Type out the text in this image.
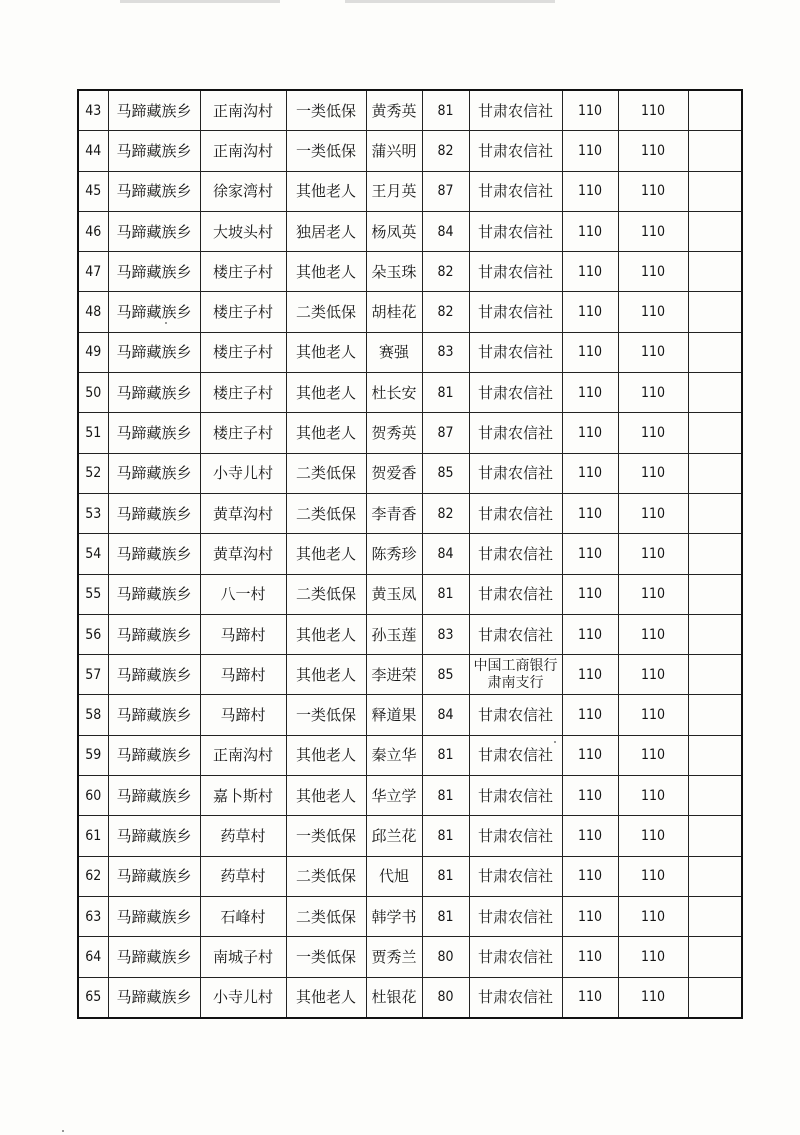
43	马蹄藏族乡	正南沟村	一类低保	黄秀英	81	甘肃农信社	110	110	
44	马蹄藏族乡	正南沟村	一类低保	蒲兴明	82	甘肃农信社	110	110	
45	马蹄藏族乡	徐家湾村	其他老人	王月英	87	甘肃农信社	110	110	
46	马蹄藏族乡	大坡头村	独居老人	杨凤英	84	甘肃农信社	110	110	
47	马蹄藏族乡	楼庄子村	其他老人	朵玉珠	82	甘肃农信社	110	110	
48	马蹄藏族乡	楼庄子村	二类低保	胡桂花	82	甘肃农信社	110	110	
49	马蹄藏族乡	楼庄子村	其他老人	赛强	83	甘肃农信社	110	110	
50	马蹄藏族乡	楼庄子村	其他老人	杜长安	81	甘肃农信社	110	110	
51	马蹄藏族乡	楼庄子村	其他老人	贺秀英	87	甘肃农信社	110	110	
52	马蹄藏族乡	小寺儿村	二类低保	贺爱香	85	甘肃农信社	110	110	
53	马蹄藏族乡	黄草沟村	二类低保	李青香	82	甘肃农信社	110	110	
54	马蹄藏族乡	黄草沟村	其他老人	陈秀珍	84	甘肃农信社	110	110	
55	马蹄藏族乡	八一村	二类低保	黄玉凤	81	甘肃农信社	110	110	
56	马蹄藏族乡	马蹄村	其他老人	孙玉莲	83	甘肃农信社	110	110	
57	马蹄藏族乡	马蹄村	其他老人	李进荣	85	中国工商银行肃南支行	110	110	
58	马蹄藏族乡	马蹄村	一类低保	释道果	84	甘肃农信社	110	110	
59	马蹄藏族乡	正南沟村	其他老人	秦立华	81	甘肃农信社	110	110	
60	马蹄藏族乡	嘉卜斯村	其他老人	华立学	81	甘肃农信社	110	110	
61	马蹄藏族乡	药草村	一类低保	邱兰花	81	甘肃农信社	110	110	
62	马蹄藏族乡	药草村	二类低保	代旭	81	甘肃农信社	110	110	
63	马蹄藏族乡	石峰村	二类低保	韩学书	81	甘肃农信社	110	110	
64	马蹄藏族乡	南城子村	一类低保	贾秀兰	80	甘肃农信社	110	110	
65	马蹄藏族乡	小寺儿村	其他老人	杜银花	80	甘肃农信社	110	110	
